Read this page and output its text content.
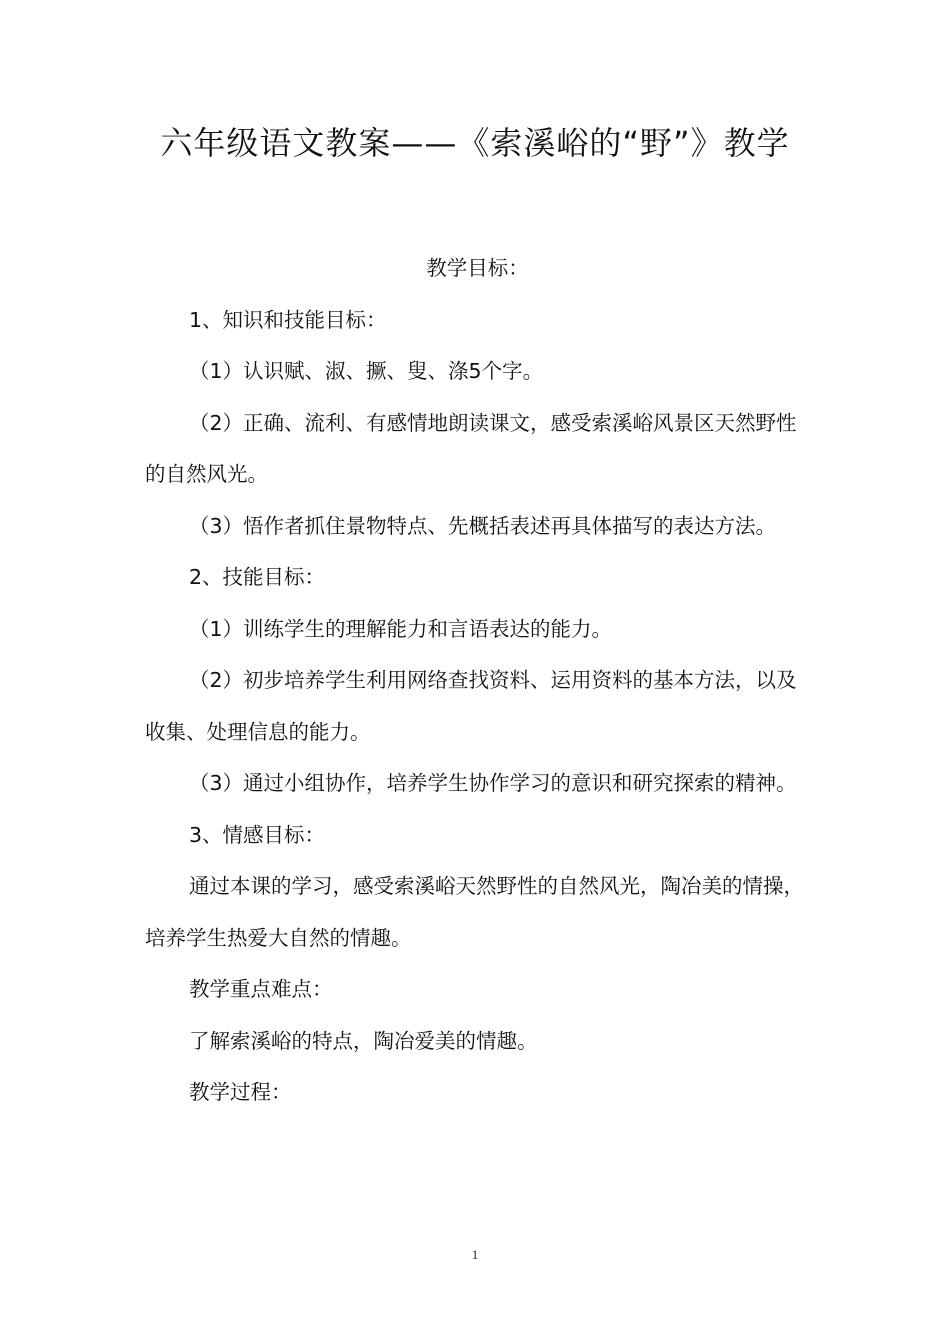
六年级语文教案——《索溪峪的“野”》教学

教学目标：

1、知识和技能目标：

（1）认识赋、淑、撅、叟、涤5个字。

（2）正确、流利、有感情地朗读课文，感受索溪峪风景区天然野性的自然风光。

（3）悟作者抓住景物特点、先概括表述再具体描写的表达方法。

2、技能目标：

（1）训练学生的理解能力和言语表达的能力。

（2）初步培养学生利用网络查找资料、运用资料的基本方法，以及收集、处理信息的能力。

（3）通过小组协作，培养学生协作学习的意识和研究探索的精神。

3、情感目标：

通过本课的学习，感受索溪峪天然野性的自然风光，陶冶美的情操，培养学生热爱大自然的情趣。

教学重点难点：

了解索溪峪的特点，陶冶爱美的情趣。

教学过程：

1
